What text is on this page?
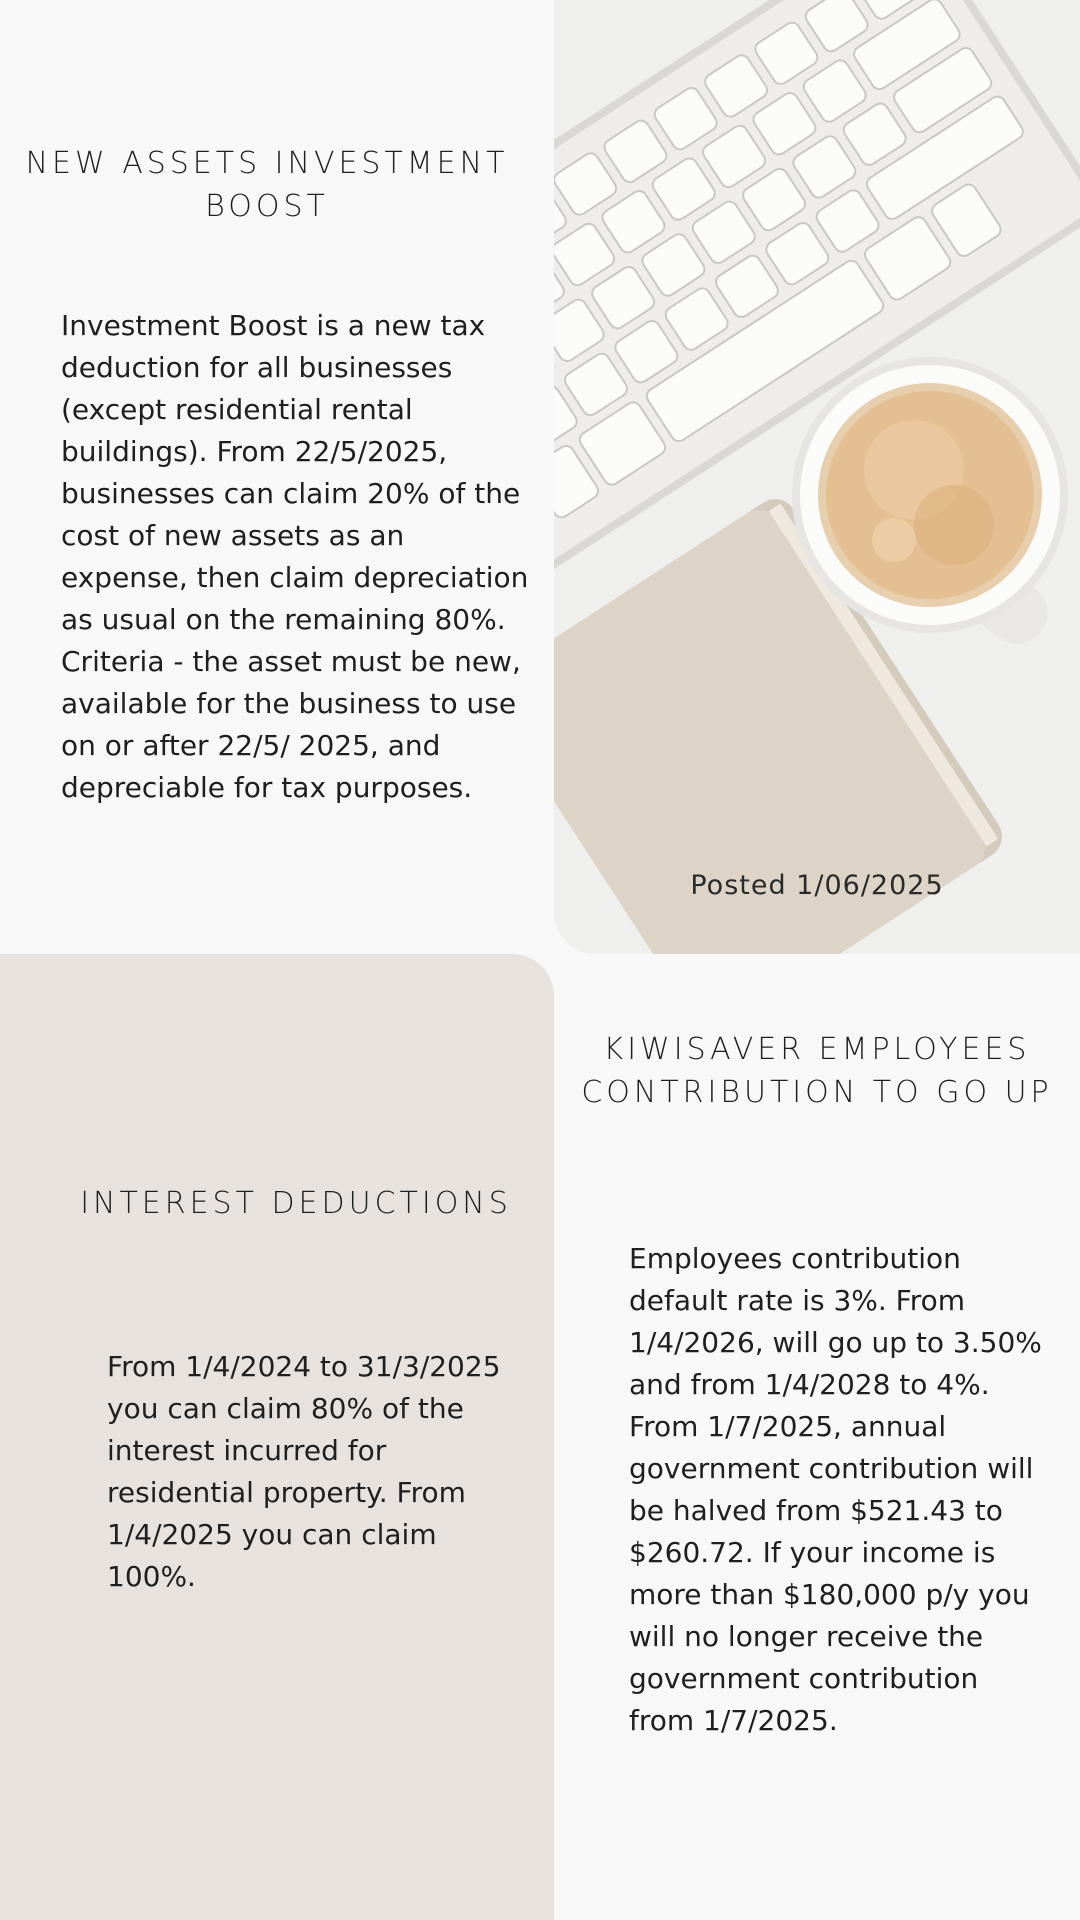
NEW ASSETS INVESTMENT BOOST

Investment Boost is a new tax deduction for all businesses (except residential rental buildings). From 22/5/2025, businesses can claim 20% of the cost of new assets as an expense, then claim depreciation as usual on the remaining 80%. Criteria - the asset must be new, available for the business to use on or after 22/5/ 2025, and depreciable for tax purposes.

Posted 1/06/2025
INTEREST DEDUCTIONS

From 1/4/2024 to 31/3/2025 you can claim 80% of the interest incurred for residential property. From 1/4/2025 you can claim 100%.

KIWISAVER EMPLOYEES CONTRIBUTION TO GO UP

Employees contribution default rate is 3%. From 1/4/2026, will go up to 3.50% and from 1/4/2028 to 4%. From 1/7/2025, annual government contribution will be halved from $521.43 to $260.72. If your income is more than $180,000 p/y you will no longer receive the government contribution from 1/7/2025.
